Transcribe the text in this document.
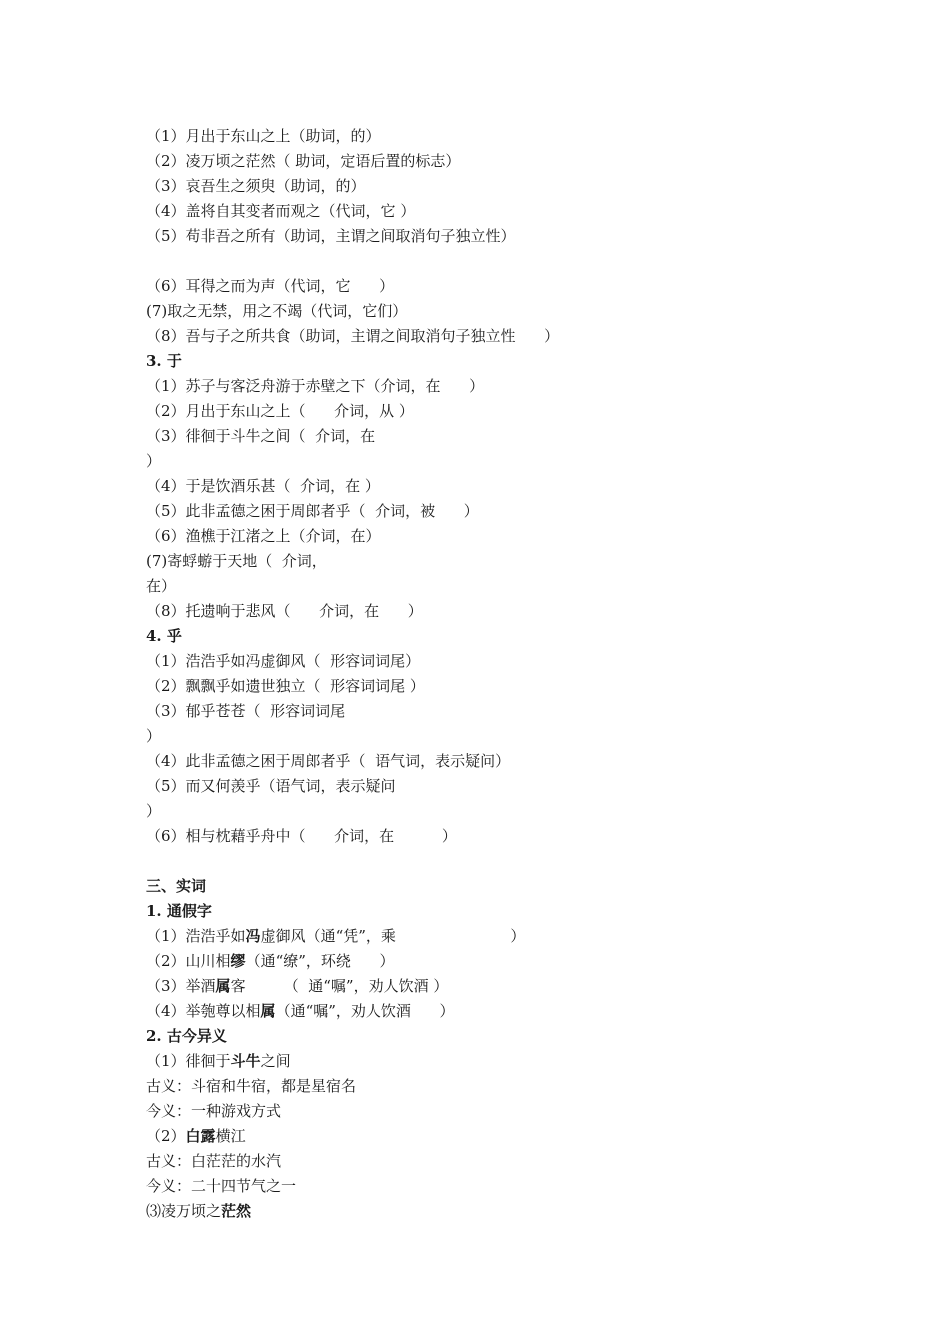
（1）月出于东山之上（助词，的）
（2）凌万顷之茫然（ 助词，定语后置的标志）
（3）哀吾生之须臾（助词，的）
（4）盖将自其变者而观之（代词，它 ）
（5）苟非吾之所有（助词，主谓之间取消句子独立性）
（6）耳得之而为声（代词，它      ）
(7)取之无禁，用之不竭（代词，它们）
（8）吾与子之所共食（助词，主谓之间取消句子独立性      ）
3. 于
（1）苏子与客泛舟游于赤壁之下（介词，在      ）
（2）月出于东山之上（      介词，从 ）
（3）徘徊于斗牛之间（  介词，在
）
（4）于是饮酒乐甚（  介词，在 ）
（5）此非孟德之困于周郎者乎（  介词，被      ）
（6）渔樵于江渚之上（介词，在）
(7)寄蜉蝣于天地（  介词，
在）
（8）托遗响于悲风（      介词，在      ）
4. 乎
（1）浩浩乎如冯虚御风（  形容词词尾）
（2）飘飘乎如遗世独立（  形容词词尾 ）
（3）郁乎苍苍（  形容词词尾
）
（4）此非孟德之困于周郎者乎（  语气词，表示疑问）
（5）而又何羡乎（语气词，表示疑问
）
（6）相与枕藉乎舟中（      介词，在          ）
三、实词
1. 通假字
（1）浩浩乎如冯虚御风（通“凭”，乘                        ）
（2）山川相缪（通“缭”，环绕      ）
（3）举酒属客        （  通“嘱”，劝人饮酒 ）
（4）举匏尊以相属（通“嘱”，劝人饮酒      ）
2. 古今异义
（1）徘徊于斗牛之间
古义：斗宿和牛宿，都是星宿名
今义：一种游戏方式
（2）白露横江
古义：白茫茫的水汽
今义：二十四节气之一
⑶凌万顷之茫然
